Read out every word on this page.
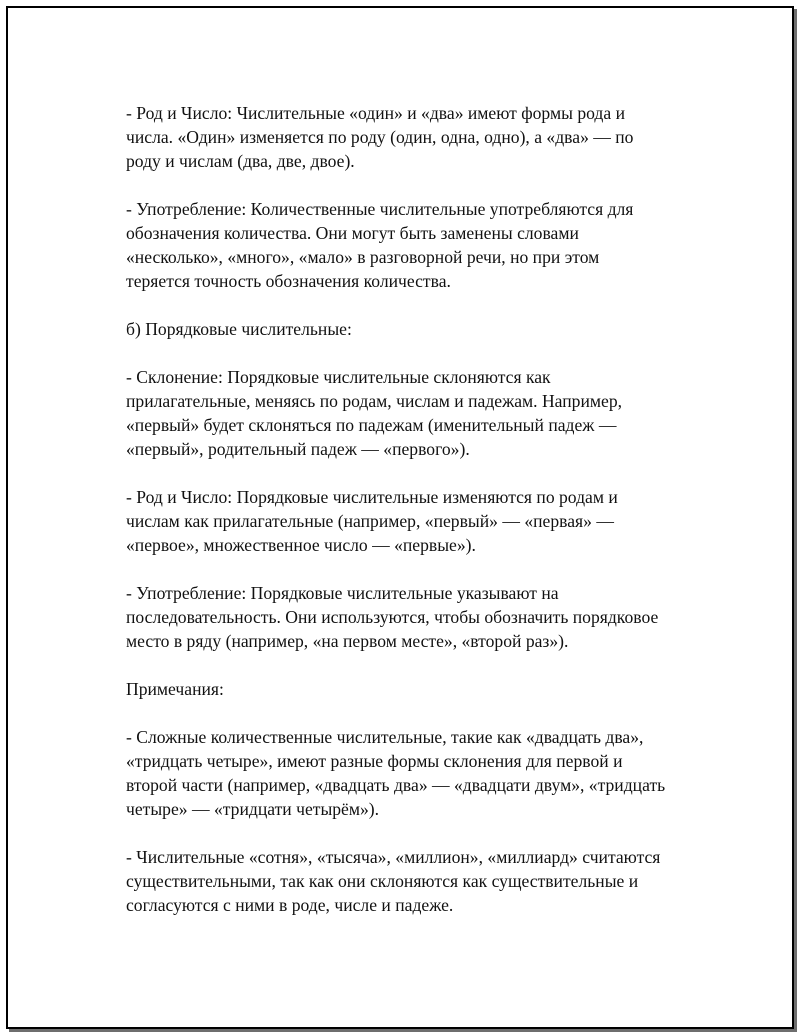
- Род и Число: Числительные «один» и «два» имеют формы рода и
числа. «Один» изменяется по роду (один, одна, одно), а «два» — по
роду и числам (два, две, двое).

- Употребление: Количественные числительные употребляются для
обозначения количества. Они могут быть заменены словами
«несколько», «много», «мало» в разговорной речи, но при этом
теряется точность обозначения количества.

б) Порядковые числительные:

- Склонение: Порядковые числительные склоняются как
прилагательные, меняясь по родам, числам и падежам. Например,
«первый» будет склоняться по падежам (именительный падеж —
«первый», родительный падеж — «первого»).

- Род и Число: Порядковые числительные изменяются по родам и
числам как прилагательные (например, «первый» — «первая» —
«первое», множественное число — «первые»).

- Употребление: Порядковые числительные указывают на
последовательность. Они используются, чтобы обозначить порядковое
место в ряду (например, «на первом месте», «второй раз»).

Примечания:

- Сложные количественные числительные, такие как «двадцать два»,
«тридцать четыре», имеют разные формы склонения для первой и
второй части (например, «двадцать два» — «двадцати двум», «тридцать
четыре» — «тридцати четырём»).

- Числительные «сотня», «тысяча», «миллион», «миллиард» считаются
существительными, так как они склоняются как существительные и
согласуются с ними в роде, числе и падеже.
